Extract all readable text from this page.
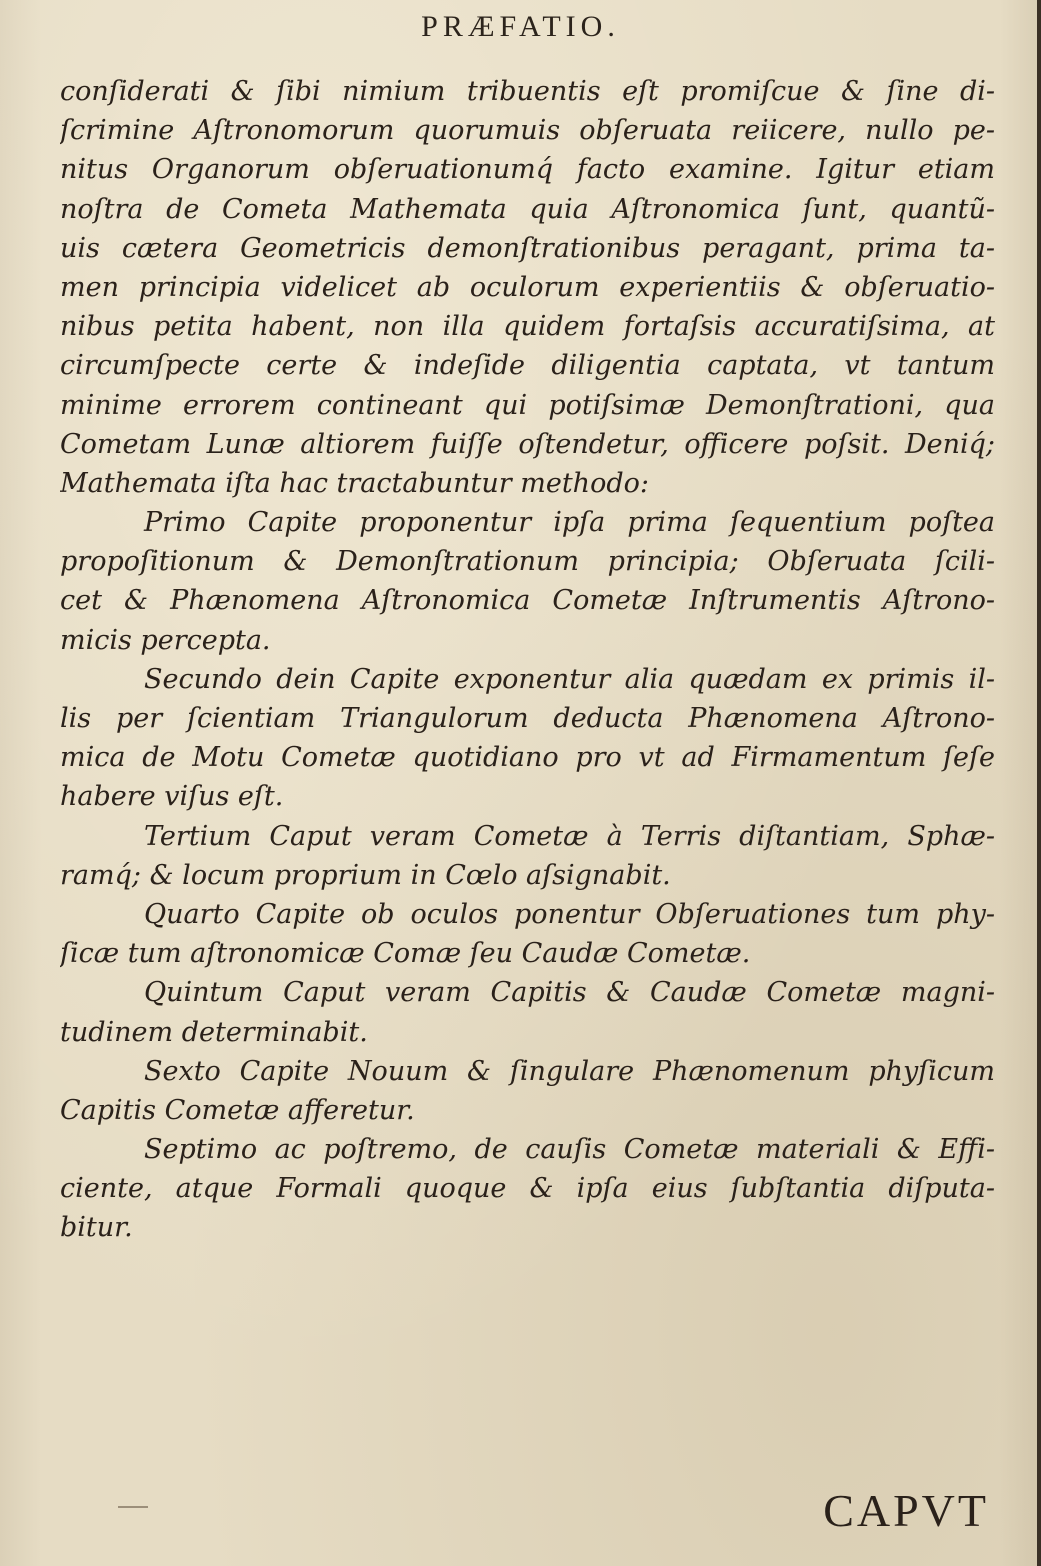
PRÆFATIO.
conſiderati & ſibi nimium tribuentis eſt promiſcue & ſine di-
ſcrimine Aſtronomorum quorumuis obſeruata reiicere, nullo pe-
nitus Organorum obſeruationumq́ facto examine. Igitur etiam
noſtra de Cometa Mathemata quia Aſtronomica ſunt, quantũ-
uis cætera Geometricis demonſtrationibus peragant, prima ta-
men principia videlicet ab oculorum experientiis & obſeruatio-
nibus petita habent, non illa quidem fortaſsis accuratiſsima, at
circumſpecte certe & indeſide diligentia captata, vt tantum
minime errorem contineant qui potiſsimæ Demonſtrationi, qua
Cometam Lunæ altiorem fuiſſe oſtendetur, officere poſsit. Deniq́;
Mathemata iſta hac tractabuntur methodo:
Primo Capite proponentur ipſa prima ſequentium poſtea
propoſitionum & Demonſtrationum principia; Obſeruata ſcili-
cet & Phænomena Aſtronomica Cometæ Inſtrumentis Aſtrono-
micis percepta.
Secundo dein Capite exponentur alia quædam ex primis il-
lis per ſcientiam Triangulorum deducta Phænomena Aſtrono-
mica de Motu Cometæ quotidiano pro vt ad Firmamentum ſeſe
habere viſus eſt.
Tertium Caput veram Cometæ à Terris diſtantiam, Sphæ-
ramq́; & locum proprium in Cœlo aſsignabit.
Quarto Capite ob oculos ponentur Obſeruationes tum phy-
ſicæ tum aſtronomicæ Comæ ſeu Caudæ Cometæ.
Quintum Caput veram Capitis & Caudæ Cometæ magni-
tudinem determinabit.
Sexto Capite Nouum & ſingulare Phænomenum phyſicum
Capitis Cometæ afferetur.
Septimo ac poſtremo, de cauſis Cometæ materiali & Effi-
ciente, atque Formali quoque & ipſa eius ſubſtantia diſputa-
bitur.
CAPVT
